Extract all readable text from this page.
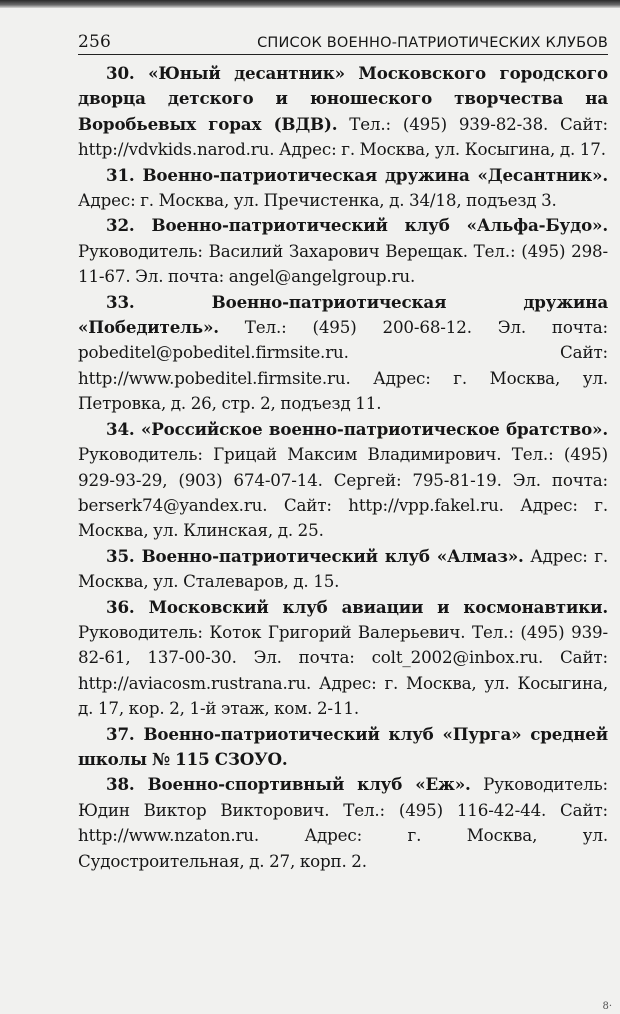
256	СПИСОК ВОЕННО-ПАТРИОТИЧЕСКИХ КЛУБОВ

30. «Юный десантник» Московского городского дворца детского и юношеского творчества на Воробьевых горах (ВДВ). Тел.: (495) 939-82-38. Сайт: http://vdvkids.narod.ru. Адрес: г. Москва, ул. Косыгина, д. 17.

31. Военно-патриотическая дружина «Десантник». Адрес: г. Москва, ул. Пречистенка, д. 34/18, подъезд 3.

32. Военно-патриотический клуб «Альфа-Будо». Руководитель: Василий Захарович Верещак. Тел.: (495) 298-11-67. Эл. почта: angel@angelgroup.ru.

33. Военно-патриотическая дружина «Победитель». Тел.: (495) 200-68-12. Эл. почта: pobeditel@pobeditel.firmsite.ru. Сайт: http://www.pobeditel.firmsite.ru. Адрес: г. Москва, ул. Петровка, д. 26, стр. 2, подъезд 11.

34. «Российское военно-патриотическое братство». Руководитель: Грицай Максим Владимирович. Тел.: (495) 929-93-29, (903) 674-07-14. Сергей: 795-81-19. Эл. почта: berserk74@yandex.ru. Сайт: http://vpp.fakel.ru. Адрес: г. Москва, ул. Клинская, д. 25.

35. Военно-патриотический клуб «Алмаз». Адрес: г. Москва, ул. Сталеваров, д. 15.

36. Московский клуб авиации и космонавтики. Руководитель: Коток Григорий Валерьевич. Тел.: (495) 939-82-61, 137-00-30. Эл. почта: colt_2002@inbox.ru. Сайт: http://aviacosm.rustrana.ru. Адрес: г. Москва, ул. Косыгина, д. 17, кор. 2, 1-й этаж, ком. 2-11.

37. Военно-патриотический клуб «Пурга» средней школы № 115 СЗОУО.

38. Военно-спортивный клуб «Еж». Руководитель: Юдин Виктор Викторович. Тел.: (495) 116-42-44. Сайт: http://www.nzaton.ru. Адрес: г. Москва, ул. Судостроительная, д. 27, корп. 2.

8·
